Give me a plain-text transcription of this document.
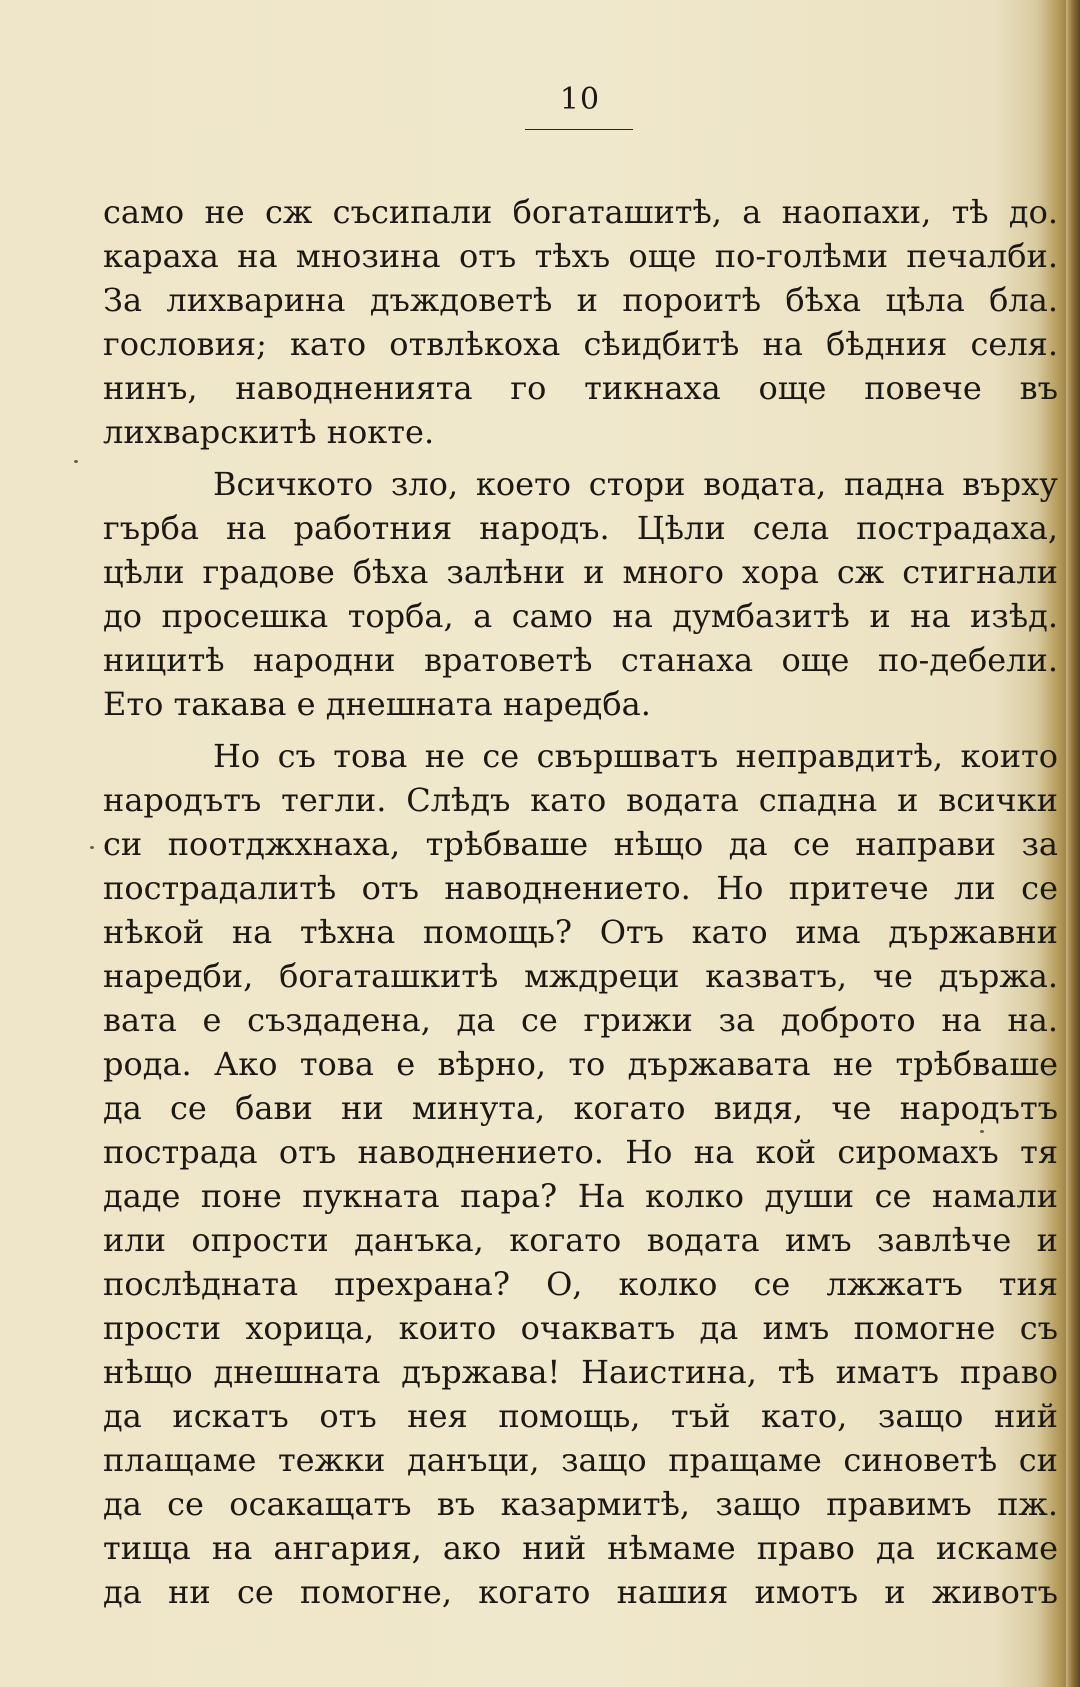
10
само не сж съсипали богаташитѣ, а наопахи, тѣ до.
караха на мнозина отъ тѣхъ още по-голѣми печалби.
За лихварина дъждоветѣ и пороитѣ бѣха цѣла бла.
гословия; като отвлѣкоха сѣидбитѣ на бѣдния селя.
нинъ, наводненията го тикнаха още повече въ
лихварскитѣ нокте.
Всичкото зло, което стори водата, падна върху
гърба на работния народъ. Цѣли села пострадаха,
цѣли градове бѣха залѣни и много хора сж стигнали
до просешка торба, а само на думбазитѣ и на изѣд.
ницитѣ народни вратоветѣ станаха още по-дебели.
Ето такава е днешната наредба.
Но съ това не се свършватъ неправдитѣ, които
народътъ тегли. Слѣдъ като водата спадна и всички
си поотджхнаха, трѣбваше нѣщо да се направи за
пострадалитѣ отъ наводнението. Но притече ли се
нѣкой на тѣхна помощь? Отъ като има държавни
наредби, богаташкитѣ мждреци казватъ, че държа.
вата е създадена, да се грижи за доброто на на.
рода. Ако това е вѣрно, то държавата не трѣбваше
да се бави ни минута, когато видя, че народътъ
пострада отъ наводнението. Но на кой сиромахъ тя
даде поне пукната пара? На колко души се намали
или опрости данъка, когато водата имъ завлѣче и
послѣдната прехрана? О, колко се лжжатъ тия
прости хорица, които очакватъ да имъ помогне съ
нѣщо днешната държава! Наистина, тѣ иматъ право
да искатъ отъ нея помощь, тъй като, защо ний
плащаме тежки данъци, защо пращаме синоветѣ си
да се осакащатъ въ казармитѣ, защо правимъ пж.
тища на ангария, ако ний нѣмаме право да искаме
да ни се помогне, когато нашия имотъ и животъ
